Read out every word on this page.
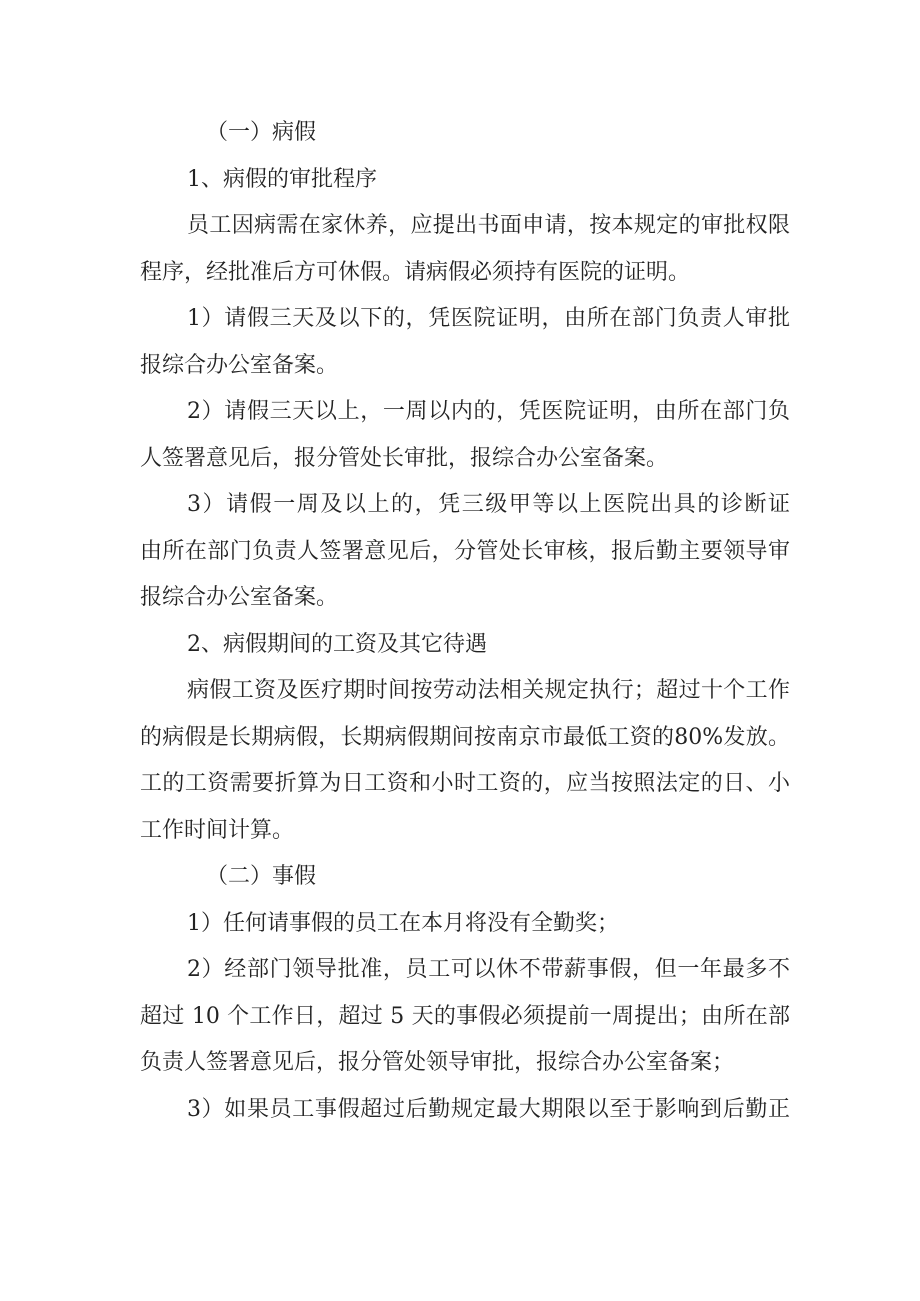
（一）病假

1、病假的审批程序

员工因病需在家休养，应提出书面申请，按本规定的审批权限

程序，经批准后方可休假。请病假必须持有医院的证明。

1）请假三天及以下的，凭医院证明，由所在部门负责人审批

报综合办公室备案。

2）请假三天以上，一周以内的，凭医院证明，由所在部门负

人签署意见后，报分管处长审批，报综合办公室备案。

3）请假一周及以上的，凭三级甲等以上医院出具的诊断证

由所在部门负责人签署意见后，分管处长审核，报后勤主要领导审

报综合办公室备案。

2、病假期间的工资及其它待遇

病假工资及医疗期时间按劳动法相关规定执行；超过十个工作

的病假是长期病假，长期病假期间按南京市最低工资的80%发放。

工的工资需要折算为日工资和小时工资的，应当按照法定的日、小

工作时间计算。

（二）事假

1）任何请事假的员工在本月将没有全勤奖；

2）经部门领导批准，员工可以休不带薪事假，但一年最多不

超过 10 个工作日，超过 5 天的事假必须提前一周提出；由所在部

负责人签署意见后，报分管处领导审批，报综合办公室备案；

3）如果员工事假超过后勤规定最大期限以至于影响到后勤正
